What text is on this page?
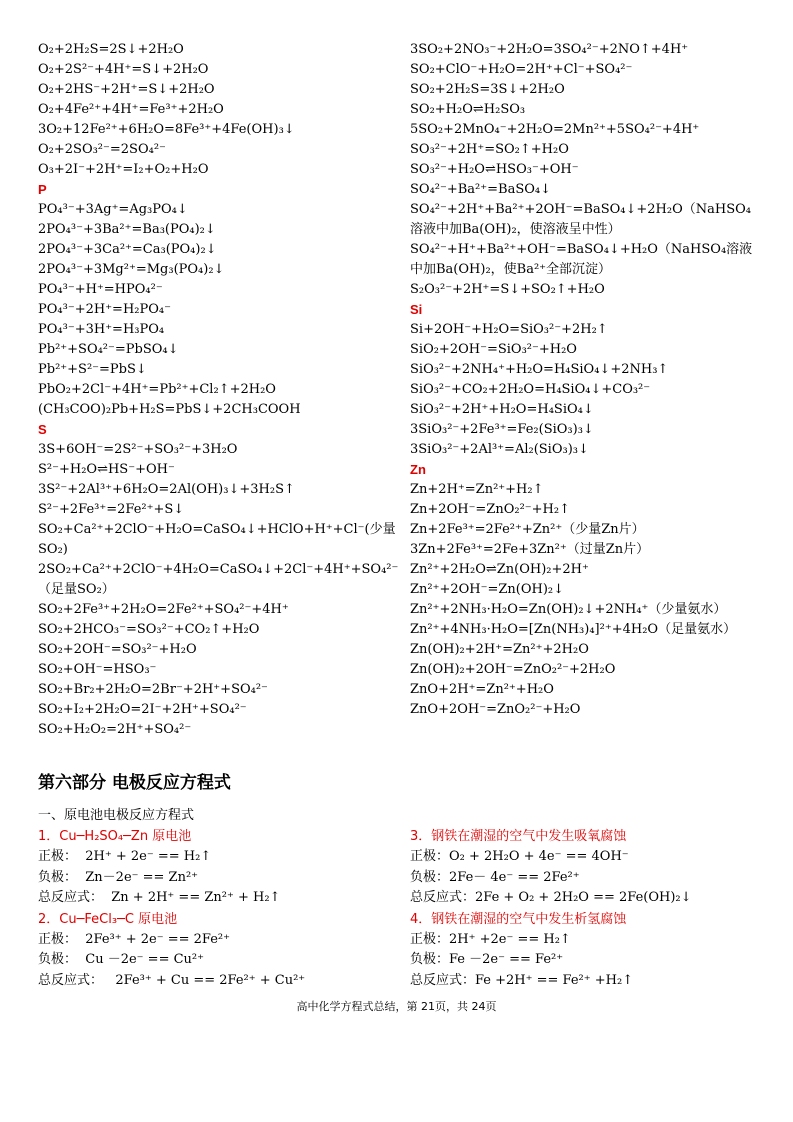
O₂+2H₂S=2S↓+2H₂O
O₂+2S²⁻+4H⁺=S↓+2H₂O
O₂+2HS⁻+2H⁺=S↓+2H₂O
O₂+4Fe²⁺+4H⁺=Fe³⁺+2H₂O
3O₂+12Fe²⁺+6H₂O=8Fe³⁺+4Fe(OH)₃↓
O₂+2SO₃²⁻=2SO₄²⁻
O₃+2I⁻+2H⁺=I₂+O₂+H₂O
P
PO₄³⁻+3Ag⁺=Ag₃PO₄↓
2PO₄³⁻+3Ba²⁺=Ba₃(PO₄)₂↓
2PO₄³⁻+3Ca²⁺=Ca₃(PO₄)₂↓
2PO₄³⁻+3Mg²⁺=Mg₃(PO₄)₂↓
PO₄³⁻+H⁺=HPO₄²⁻
PO₄³⁻+2H⁺=H₂PO₄⁻
PO₄³⁻+3H⁺=H₃PO₄
Pb²⁺+SO₄²⁻=PbSO₄↓
Pb²⁺+S²⁻=PbS↓
PbO₂+2Cl⁻+4H⁺=Pb²⁺+Cl₂↑+2H₂O
(CH₃COO)₂Pb+H₂S=PbS↓+2CH₃COOH
S
3S+6OH⁻=2S²⁻+SO₃²⁻+3H₂O
S²⁻+H₂O⇌HS⁻+OH⁻
3S²⁻+2Al³⁺+6H₂O=2Al(OH)₃↓+3H₂S↑
S²⁻+2Fe³⁺=2Fe²⁺+S↓
SO₂+Ca²⁺+2ClO⁻+H₂O=CaSO₄↓+HClO+H⁺+Cl⁻(少量SO₂)
2SO₂+Ca²⁺+2ClO⁻+4H₂O=CaSO₄↓+2Cl⁻+4H⁺+SO₄²⁻（足量SO₂）
SO₂+2Fe³⁺+2H₂O=2Fe²⁺+SO₄²⁻+4H⁺
SO₂+2HCO₃⁻=SO₃²⁻+CO₂↑+H₂O
SO₂+2OH⁻=SO₃²⁻+H₂O
SO₂+OH⁻=HSO₃⁻
SO₂+Br₂+2H₂O=2Br⁻+2H⁺+SO₄²⁻
SO₂+I₂+2H₂O=2I⁻+2H⁺+SO₄²⁻
SO₂+H₂O₂=2H⁺+SO₄²⁻
3SO₂+2NO₃⁻+2H₂O=3SO₄²⁻+2NO↑+4H⁺
SO₂+ClO⁻+H₂O=2H⁺+Cl⁻+SO₄²⁻
SO₂+2H₂S=3S↓+2H₂O
SO₂+H₂O⇌H₂SO₃
5SO₂+2MnO₄⁻+2H₂O=2Mn²⁺+5SO₄²⁻+4H⁺
SO₃²⁻+2H⁺=SO₂↑+H₂O
SO₃²⁻+H₂O⇌HSO₃⁻+OH⁻
SO₄²⁻+Ba²⁺=BaSO₄↓
SO₄²⁻+2H⁺+Ba²⁺+2OH⁻=BaSO₄↓+2H₂O（NaHSO₄溶液中加Ba(OH)₂，使溶液呈中性）
SO₄²⁻+H⁺+Ba²⁺+OH⁻=BaSO₄↓+H₂O（NaHSO₄溶液中加Ba(OH)₂，使Ba²⁺全部沉淀）
S₂O₃²⁻+2H⁺=S↓+SO₂↑+H₂O
Si
Si+2OH⁻+H₂O=SiO₃²⁻+2H₂↑
SiO₂+2OH⁻=SiO₃²⁻+H₂O
SiO₃²⁻+2NH₄⁺+H₂O=H₄SiO₄↓+2NH₃↑
SiO₃²⁻+CO₂+2H₂O=H₄SiO₄↓+CO₃²⁻
SiO₃²⁻+2H⁺+H₂O=H₄SiO₄↓
3SiO₃²⁻+2Fe³⁺=Fe₂(SiO₃)₃↓
3SiO₃²⁻+2Al³⁺=Al₂(SiO₃)₃↓
Zn
Zn+2H⁺=Zn²⁺+H₂↑
Zn+2OH⁻=ZnO₂²⁻+H₂↑
Zn+2Fe³⁺=2Fe²⁺+Zn²⁺（少量Zn片）
3Zn+2Fe³⁺=2Fe+3Zn²⁺（过量Zn片）
Zn²⁺+2H₂O⇌Zn(OH)₂+2H⁺
Zn²⁺+2OH⁻=Zn(OH)₂↓
Zn²⁺+2NH₃·H₂O=Zn(OH)₂↓+2NH₄⁺（少量氨水）
Zn²⁺+4NH₃·H₂O=[Zn(NH₃)₄]²⁺+4H₂O（足量氨水）
Zn(OH)₂+2H⁺=Zn²⁺+2H₂O
Zn(OH)₂+2OH⁻=ZnO₂²⁻+2H₂O
ZnO+2H⁺=Zn²⁺+H₂O
ZnO+2OH⁻=ZnO₂²⁻+H₂O
第六部分 电极反应方程式
一、原电池电极反应方程式
1．Cu─H₂SO₄─Zn 原电池
正极：  2H⁺ + 2e⁻ == H₂↑
负极：  Zn－2e⁻ == Zn²⁺
总反应式：  Zn + 2H⁺ == Zn²⁺ + H₂↑
2．Cu─FeCl₃─C 原电池
正极：  2Fe³⁺ + 2e⁻ == 2Fe²⁺
负极：  Cu －2e⁻ == Cu²⁺
总反应式：   2Fe³⁺ + Cu == 2Fe²⁺ + Cu²⁺
3．钢铁在潮湿的空气中发生吸氧腐蚀
正极：O₂ + 2H₂O + 4e⁻ == 4OH⁻
负极：2Fe－ 4e⁻ == 2Fe²⁺
总反应式：2Fe + O₂ + 2H₂O == 2Fe(OH)₂↓
4．钢铁在潮湿的空气中发生析氢腐蚀
正极：2H⁺ +2e⁻ == H₂↑
负极：Fe －2e⁻ == Fe²⁺
总反应式：Fe +2H⁺ == Fe²⁺ +H₂↑
高中化学方程式总结，第 21页，共 24页
